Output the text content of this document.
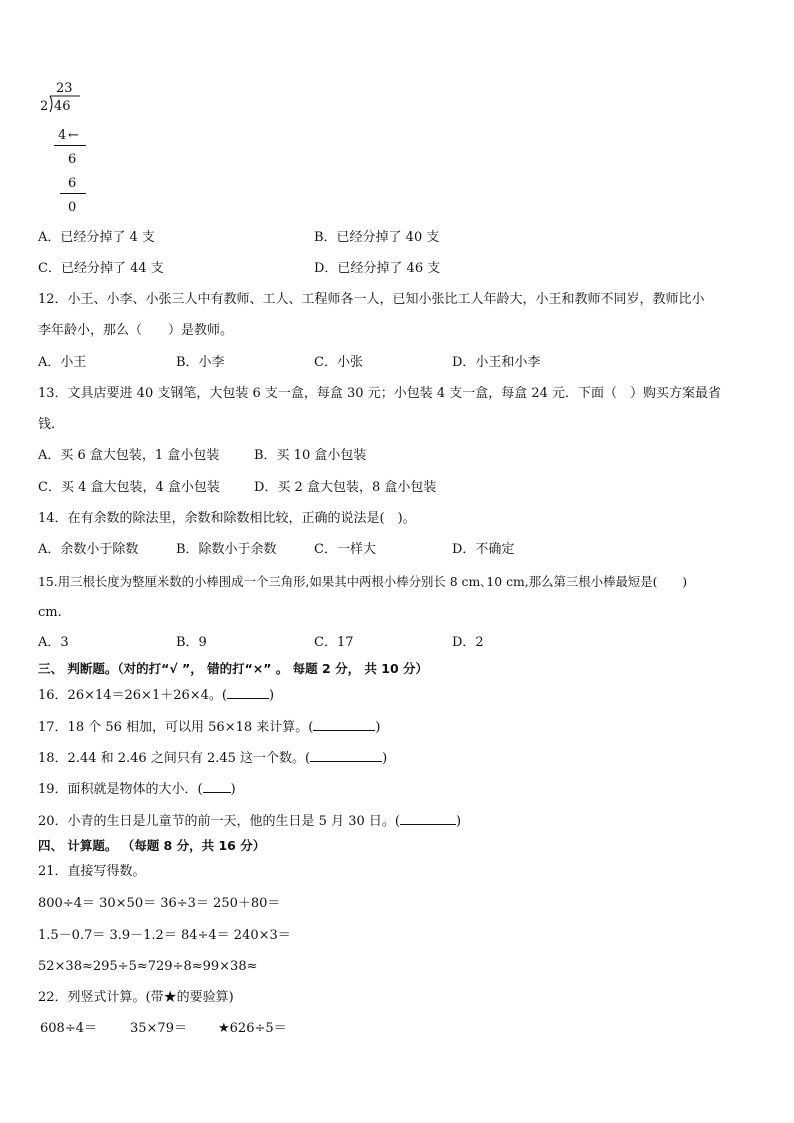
23
2 46
4 ←
6
6
0
A．已经分掉了 4 支	B．已经分掉了 40 支
C．已经分掉了 44 支	D．已经分掉了 46 支
12．小王、小李、小张三人中有教师、工人、工程师各一人，已知小张比工人年龄大，小王和教师不同岁，教师比小
李年龄小，那么（　　）是教师。
A．小王	B．小李	C．小张	D．小王和小李
13．文具店要进 40 支钢笔，大包装 6 支一盒，每盒 30 元；小包装 4 支一盒，每盒 24 元．下面（　）购买方案最省
钱．
A．买 6 盒大包装，1 盒小包装	B．买 10 盒小包装
C．买 4 盒大包装，4 盒小包装	D．买 2 盒大包装，8 盒小包装
14．在有余数的除法里，余数和除数相比较，正确的说法是(　)。
A．余数小于除数	B．除数小于余数	C．一样大	D．不确定
15.用三根长度为整厘米数的小棒围成一个三角形,如果其中两根小棒分别长 8 cm､10 cm,那么第三根小棒最短是(　　)
cm.
A．3	B．9	C．17	D．2
三、 判断题。（对的打“√ ”， 错的打“×” 。 每题 2 分， 共 10 分）
16．26×14＝26×1＋26×4。(	)
17．18 个 56 相加，可以用 56×18 来计算。(	)
18．2.44 和 2.46 之间只有 2.45 这一个数。(	)
19．面积就是物体的大小．( )
20．小青的生日是儿童节的前一天，他的生日是 5 月 30 日。(	)
四、 计算题。 （每题 8 分，共 16 分）
21．直接写得数。
800÷4＝ 30×50＝ 36÷3＝ 250＋80＝
1.5－0.7＝ 3.9－1.2＝ 84÷4＝ 240×3＝
52×38≈295÷5≈729÷8≈99×38≈
22．列竖式计算。(带★的要验算)
608÷4＝	35×79＝ ★626÷5＝
